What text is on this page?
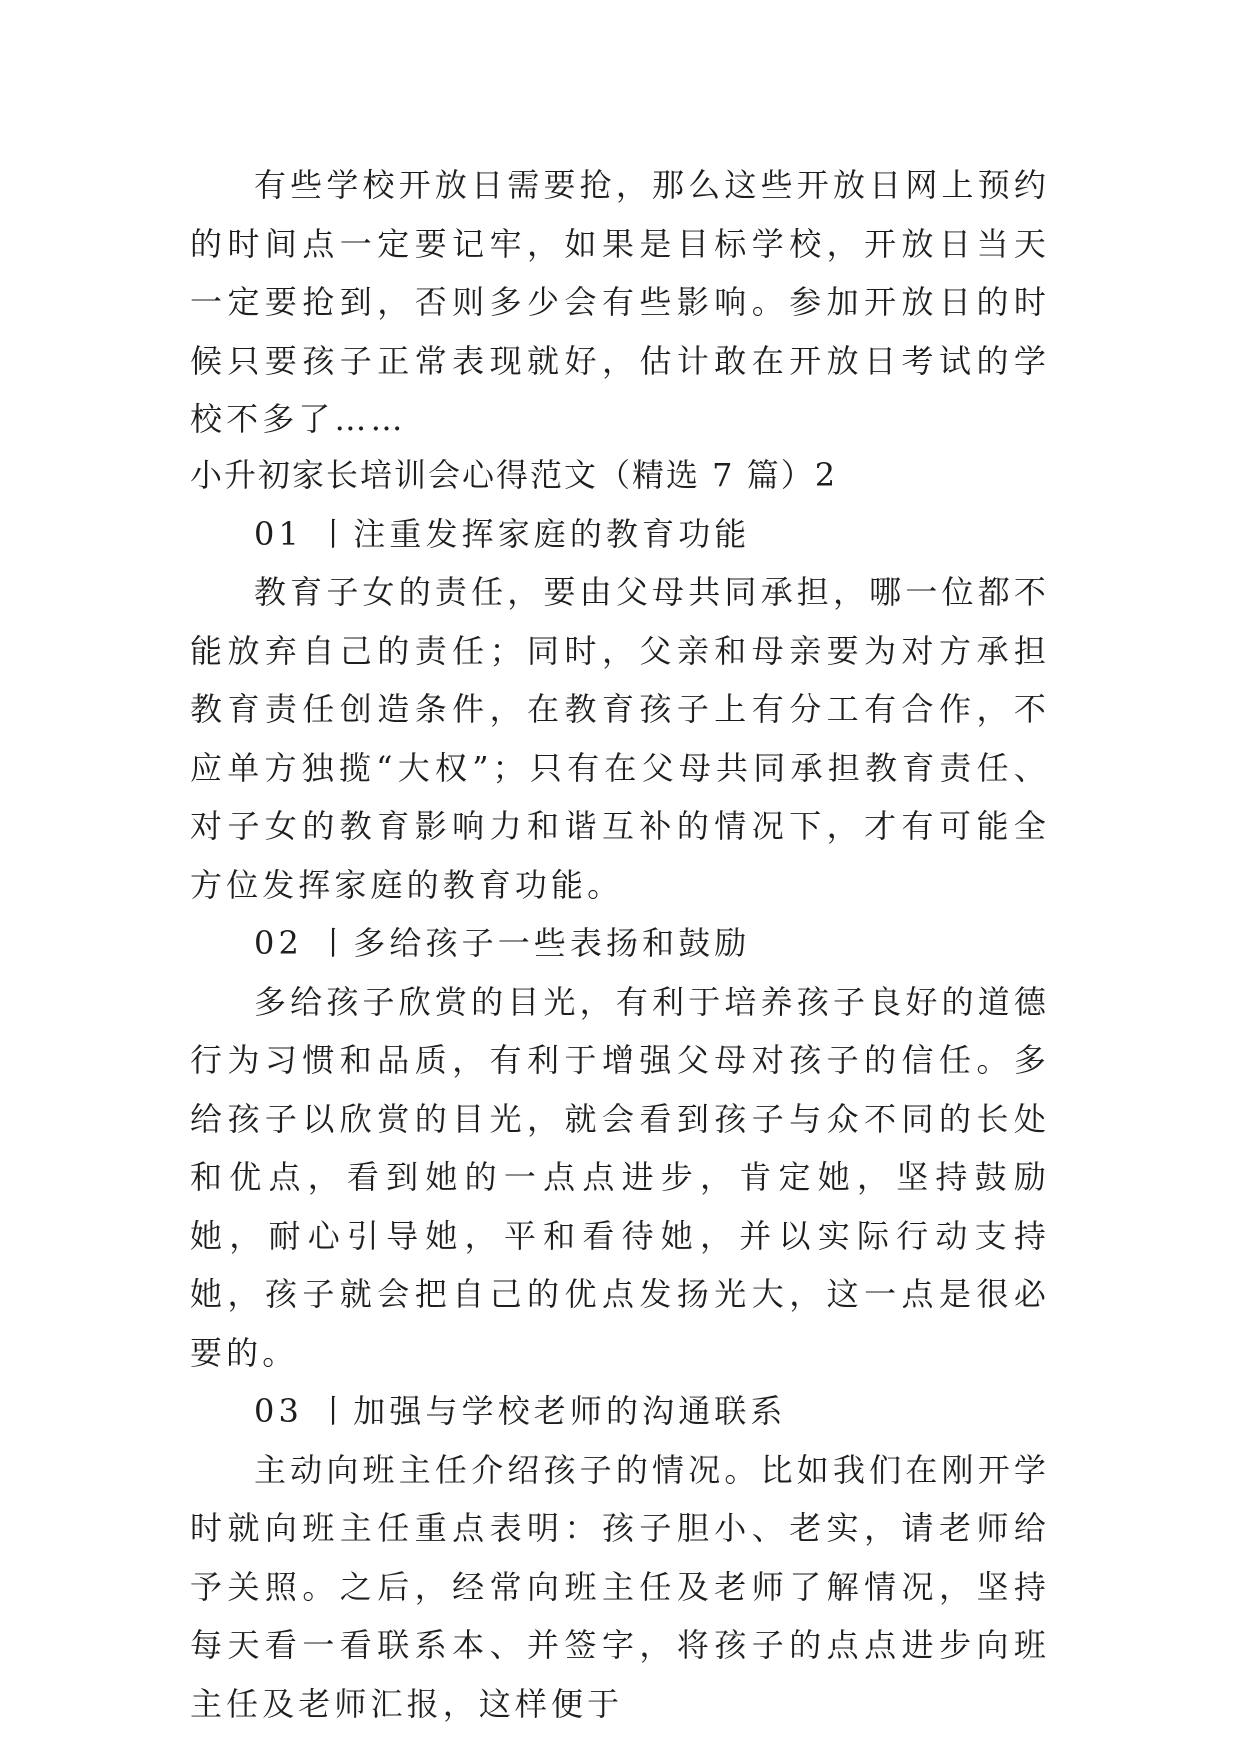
有些学校开放日需要抢，那么这些开放日网上预约的时间点一定要记牢，如果是目标学校，开放日当天一定要抢到，否则多少会有些影响。参加开放日的时候只要孩子正常表现就好，估计敢在开放日考试的学校不多了……

小升初家长培训会心得范文（精选 7 篇）2

01 丨注重发挥家庭的教育功能

教育子女的责任，要由父母共同承担，哪一位都不能放弃自己的责任；同时，父亲和母亲要为对方承担教育责任创造条件，在教育孩子上有分工有合作，不应单方独揽“大权”；只有在父母共同承担教育责任、对子女的教育影响力和谐互补的情况下，才有可能全方位发挥家庭的教育功能。

02 丨多给孩子一些表扬和鼓励

多给孩子欣赏的目光，有利于培养孩子良好的道德行为习惯和品质，有利于增强父母对孩子的信任。多给孩子以欣赏的目光，就会看到孩子与众不同的长处和优点，看到她的一点点进步，肯定她，坚持鼓励她，耐心引导她，平和看待她，并以实际行动支持她，孩子就会把自己的优点发扬光大，这一点是很必要的。

03 丨加强与学校老师的沟通联系

主动向班主任介绍孩子的情况。比如我们在刚开学时就向班主任重点表明：孩子胆小、老实，请老师给予关照。之后，经常向班主任及老师了解情况，坚持每天看一看联系本、并签字，将孩子的点点进步向班主任及老师汇报，这样便于
